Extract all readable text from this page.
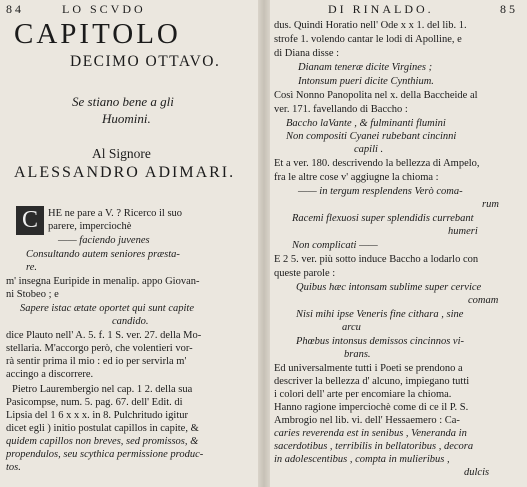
84	LO SCVDO
CAPITOLO
DECIMO OTTAVO.
Se stiano bene a gli
Huomini.
Al Signore
ALESSANDRO ADIMARI.
C HE ne pare a V. ? Ricerco il suo
parere, imperciochè
—— faciendo juvenes
Consultando autem seniores præsta-
re.
m' insegna Euripide in menalip. appo Giovan-
ni Stobeo ; e
Sapere istac ætate oportet qui sunt capite
candido.
dice Plauto nell' A. 5. f. 1 S. ver. 27. della Mo-
stellaria. M'accorgo però, che volentieri vor-
rà sentir prima il mio : ed io per servirla m'
accingo a discorrere.
Pietro Laurembergio nel cap. 1 2. della sua
Pasicompse, num. 5. pag. 67. dell' Edit. di
Lipsia del 1 6 x x x. in 8. Pulchritudo igitur
dicet egli ) initio postulat capillos in capite, &
quidem capillos non breves, sed promissos, &
propendulos, seu scythica permissione produc-
tos.
DI RINALDO.	85
dus. Quindi Horatio nell' Ode x x 1. del lib. 1.
strofe 1. volendo cantar le lodi di Apolline, e
di Diana disse :
Dianam teneræ dicite Virgines ;
Intonsum pueri dicite Cynthium.
Così Nonno Panopolita nel x. della Baccheide al
ver. 171. favellando di Baccho :
Baccho laVante , & fulminanti flumini
Non compositi Cyanei rubebant cincinni
capili .
Et a ver. 180. descrivendo la bellezza di Ampelo,
fra le altre cose v' aggiugne la chioma :
—— in tergum resplendens Verò coma-
rum
Racemi flexuosi super splendidis currebant
humeri
Non complicati ——
E 2 5. ver. più sotto induce Baccho a lodarlo con
queste parole :
Quibus hæc intonsam sublime super cervice
comam
Nisi mihi ipse Veneris fine cithara , sine
arcu
Phœbus intonsus demissos cincinnos vi-
brans.
Ed universalmente tutti i Poeti se prendono a
descriver la bellezza d' alcuno, impiegano tutti
i colori dell' arte per encomiare la chioma.
Hanno ragione imperciochè come di ce il P. S.
Ambrogio nel lib. vi. dell' Hessaemero : Ca-
caries reverenda est in senibus , Veneranda in
sacerdotibus , terribilis in bellatoribus , decora
in adolescentibus , compta in mulieribus ,
dulcis
